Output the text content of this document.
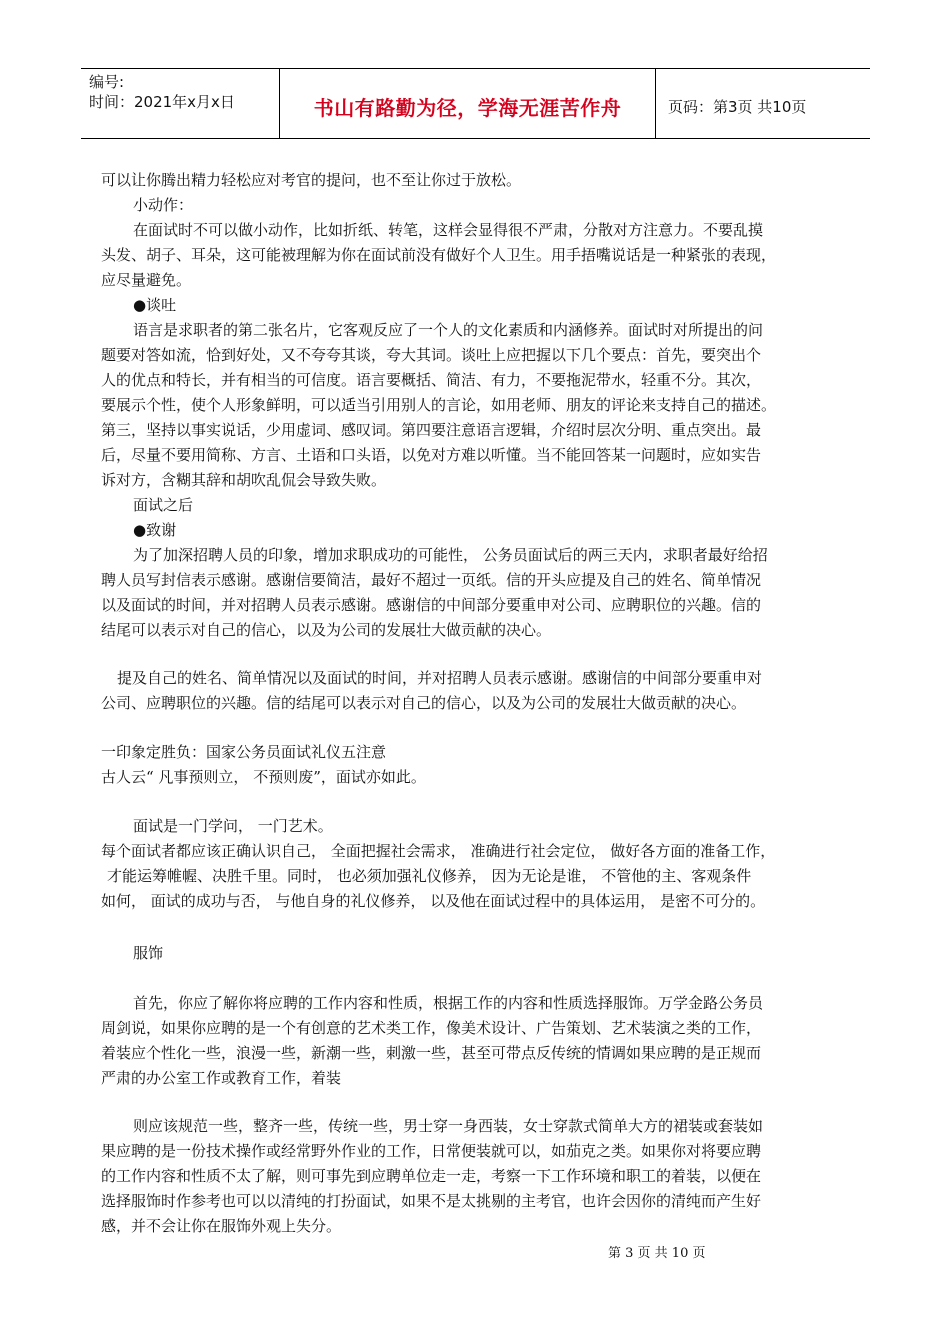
编号:
时间：2021年x月x日	书山有路勤为径，学海无涯苦作舟	页码：第3页 共10页
可以让你腾出精力轻松应对考官的提问，也不至让你过于放松。
小动作：
在面试时不可以做小动作，比如折纸、转笔，这样会显得很不严肃，分散对方注意力。不要乱摸
头发、胡子、耳朵，这可能被理解为你在面试前没有做好个人卫生。用手捂嘴说话是一种紧张的表现，
应尽量避免。
●谈吐
语言是求职者的第二张名片，它客观反应了一个人的文化素质和内涵修养。面试时对所提出的问
题要对答如流，恰到好处，又不夸夸其谈，夸大其词。谈吐上应把握以下几个要点：首先，要突出个
人的优点和特长，并有相当的可信度。语言要概括、简洁、有力，不要拖泥带水，轻重不分。其次，
要展示个性，使个人形象鲜明，可以适当引用别人的言论，如用老师、朋友的评论来支持自己的描述。
第三，坚持以事实说话，少用虚词、感叹词。第四要注意语言逻辑，介绍时层次分明、重点突出。最
后，尽量不要用简称、方言、土语和口头语，以免对方难以听懂。当不能回答某一问题时，应如实告
诉对方，含糊其辞和胡吹乱侃会导致失败。
面试之后
●致谢
为了加深招聘人员的印象，增加求职成功的可能性， 公务员面试后的两三天内，求职者最好给招
聘人员写封信表示感谢。感谢信要简洁，最好不超过一页纸。信的开头应提及自己的姓名、简单情况
以及面试的时间，并对招聘人员表示感谢。感谢信的中间部分要重申对公司、应聘职位的兴趣。信的
结尾可以表示对自己的信心，以及为公司的发展壮大做贡献的决心。
提及自己的姓名、简单情况以及面试的时间，并对招聘人员表示感谢。感谢信的中间部分要重申对
公司、应聘职位的兴趣。信的结尾可以表示对自己的信心，以及为公司的发展壮大做贡献的决心。
一印象定胜负：国家公务员面试礼仪五注意
古人云“ 凡事预则立， 不预则废”，面试亦如此。
面试是一门学问， 一门艺术。
每个面试者都应该正确认识自己， 全面把握社会需求， 准确进行社会定位， 做好各方面的准备工作，
才能运筹帷幄、决胜千里。同时， 也必须加强礼仪修养， 因为无论是谁， 不管他的主、客观条件
如何， 面试的成功与否， 与他自身的礼仪修养， 以及他在面试过程中的具体运用， 是密不可分的。
服饰
首先，你应了解你将应聘的工作内容和性质，根据工作的内容和性质选择服饰。万学金路公务员
周剑说，如果你应聘的是一个有创意的艺术类工作，像美术设计、广告策划、艺术装演之类的工作，
着装应个性化一些，浪漫一些，新潮一些，刺激一些，甚至可带点反传统的情调如果应聘的是正规而
严肃的办公室工作或教育工作，着装
则应该规范一些，整齐一些，传统一些，男士穿一身西装，女士穿款式简单大方的裙装或套装如
果应聘的是一份技术操作或经常野外作业的工作，日常便装就可以，如茄克之类。如果你对将要应聘
的工作内容和性质不太了解，则可事先到应聘单位走一走，考察一下工作环境和职工的着装，以便在
选择服饰时作参考也可以以清纯的打扮面试，如果不是太挑剔的主考官，也许会因你的清纯而产生好
感，并不会让你在服饰外观上失分。
第 3 页 共 10 页
